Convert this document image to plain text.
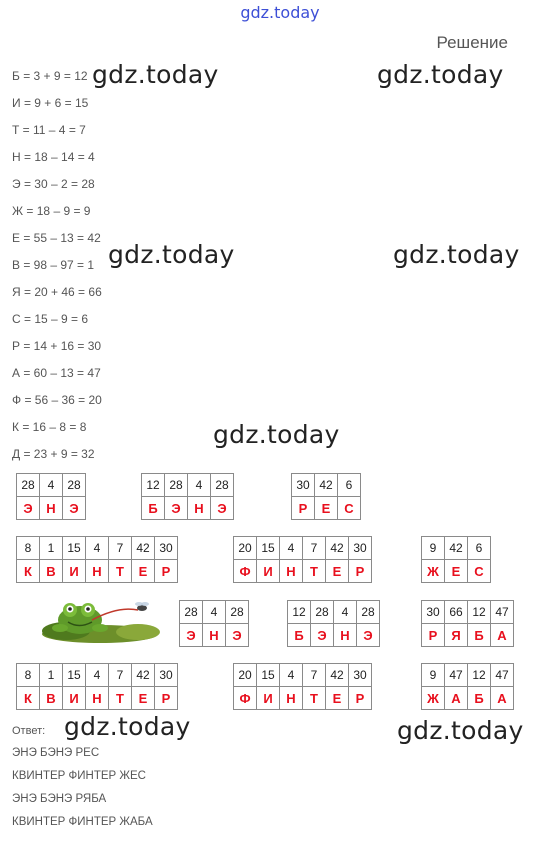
gdz.today
Решение
Б = 3 + 9 = 12
И = 9 + 6 = 15
Т = 11 – 4 = 7
Н = 18 – 14 = 4
Э = 30 – 2 = 28
Ж = 18 – 9 = 9
Е = 55 – 13 = 42
В = 98 – 97 = 1
Я = 20 + 46 = 66
С = 15 – 9 = 6
Р = 14 + 16 = 30
А = 60 – 13 = 47
Ф = 56 – 36 = 20
К = 16 – 8 = 8
Д = 23 + 9 = 32
gdz.today	gdz.today
gdz.today	gdz.today
gdz.today
gdz.today	gdz.today
28	4	28
Э	Н	Э
12	28	4	28
Б	Э	Н	Э
30	42	6
Р	Е	С
8	1	15	4	7	42	30
К	В	И	Н	Т	Е	Р
20	15	4	7	42	30
Ф	И	Н	Т	Е	Р
9	42	6
Ж	Е	С
28	4	28
Э	Н	Э
12	28	4	28
Б	Э	Н	Э
30	66	12	47
Р	Я	Б	А
8	1	15	4	7	42	30
К	В	И	Н	Т	Е	Р
20	15	4	7	42	30
Ф	И	Н	Т	Е	Р
9	47	12	47
Ж	А	Б	А
Ответ:
ЭНЭ БЭНЭ РЕС
КВИНТЕР ФИНТЕР ЖЕС
ЭНЭ БЭНЭ РЯБА
КВИНТЕР ФИНТЕР ЖАБА
